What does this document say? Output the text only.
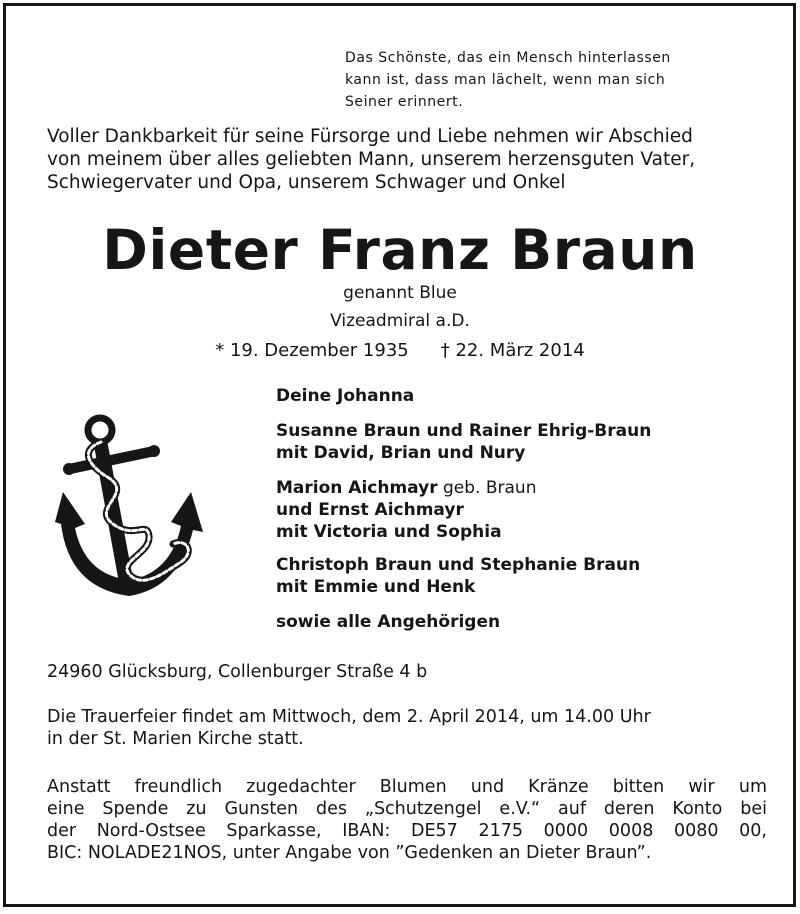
Das Schönste, das ein Mensch hinterlassen
kann ist, dass man lächelt, wenn man sich
Seiner erinnert.
Voller Dankbarkeit für seine Fürsorge und Liebe nehmen wir Abschied
von meinem über alles geliebten Mann, unserem herzensguten Vater,
Schwiegervater und Opa, unserem Schwager und Onkel
Dieter Franz Braun
genannt Blue
Vizeadmiral a.D.
* 19. Dezember 1935 † 22. März 2014
Deine Johanna
Susanne Braun und Rainer Ehrig-Braun
mit David, Brian und Nury
Marion Aichmayr geb. Braun
und Ernst Aichmayr
mit Victoria und Sophia
Christoph Braun und Stephanie Braun
mit Emmie und Henk
sowie alle Angehörigen
24960 Glücksburg, Collenburger Straße 4 b
Die Trauerfeier findet am Mittwoch, dem 2. April 2014, um 14.00 Uhr
in der St. Marien Kirche statt.
Anstatt freundlich zugedachter Blumen und Kränze bitten wir um
eine Spende zu Gunsten des „Schutzengel e.V.“ auf deren Konto bei
der Nord-Ostsee Sparkasse, IBAN: DE57 2175 0000 0008 0080 00,
BIC: NOLADE21NOS, unter Angabe von ”Gedenken an Dieter Braun”.
